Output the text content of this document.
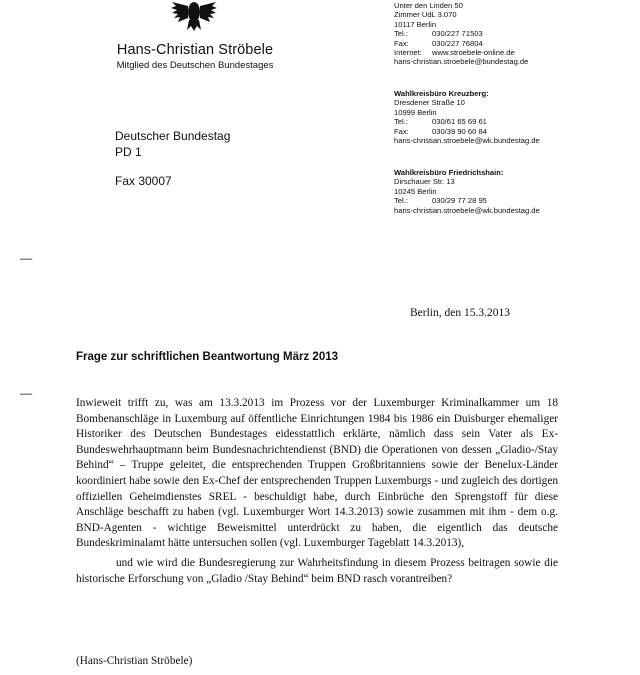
Hans-Christian Ströbele
Mitglied des Deutschen Bundestages
Unter den Linden 50
Zimmer UdL 3.070
10117 Berlin
Tel.:	030/227 71503
Fax:	030/227 76804
Internet:	www.stroebele-online.de
hans-christian.stroebele@bundestag.de
Wahlkreisbüro Kreuzberg:
Dresdener Straße 10
10999 Berlin
Tel.:	030/61 65 69 61
Fax:	030/39 90 60 84
hans-christian.stroebele@wk.bundestag.de
Wahlkreisbüro Friedrichshain:
Dirschauer Str. 13
10245 Berlin
Tel.:	030/29 77 28 95
hans-christian.stroebele@wk.bundestag.de
Deutscher Bundestag
PD 1
Fax 30007
––
––
Berlin, den 15.3.2013
Frage zur schriftlichen Beantwortung März 2013

Inwieweit trifft zu, was am 13.3.2013 im Prozess vor der Luxemburger Kriminalkammer um 18 Bombenanschläge in Luxemburg auf öffentliche Einrichtungen 1984 bis 1986 ein Duisburger ehemaliger Historiker des Deutschen Bundestages eidesstattlich erklärte, nämlich dass sein Vater als Ex-Bundeswehrhauptmann beim Bundesnachrichtendienst (BND) die Operationen von dessen „Gladio-/Stay Behind“ – Truppe geleitet, die entsprechenden Truppen Großbritanniens sowie der Benelux-Länder koordiniert habe sowie den Ex-Chef der entsprechenden Truppen Luxemburgs - und zugleich des dortigen offiziellen Geheimdienstes SREL - beschuldigt habe, durch Einbrüche den Sprengstoff für diese Anschläge beschafft zu haben (vgl. Luxemburger Wort 14.3.2013) sowie zusammen mit ihm - dem o.g. BND-Agenten - wichtige Beweismittel unterdrückt zu haben, die eigentlich das deutsche Bundeskriminalamt hätte untersuchen sollen (vgl. Luxemburger Tageblatt 14.3.2013),

und wie wird die Bundesregierung zur Wahrheitsfindung in diesem Prozess beitragen sowie die historische Erforschung von „Gladio /Stay Behind“ beim BND rasch vorantreiben?

(Hans-Christian Ströbele)
